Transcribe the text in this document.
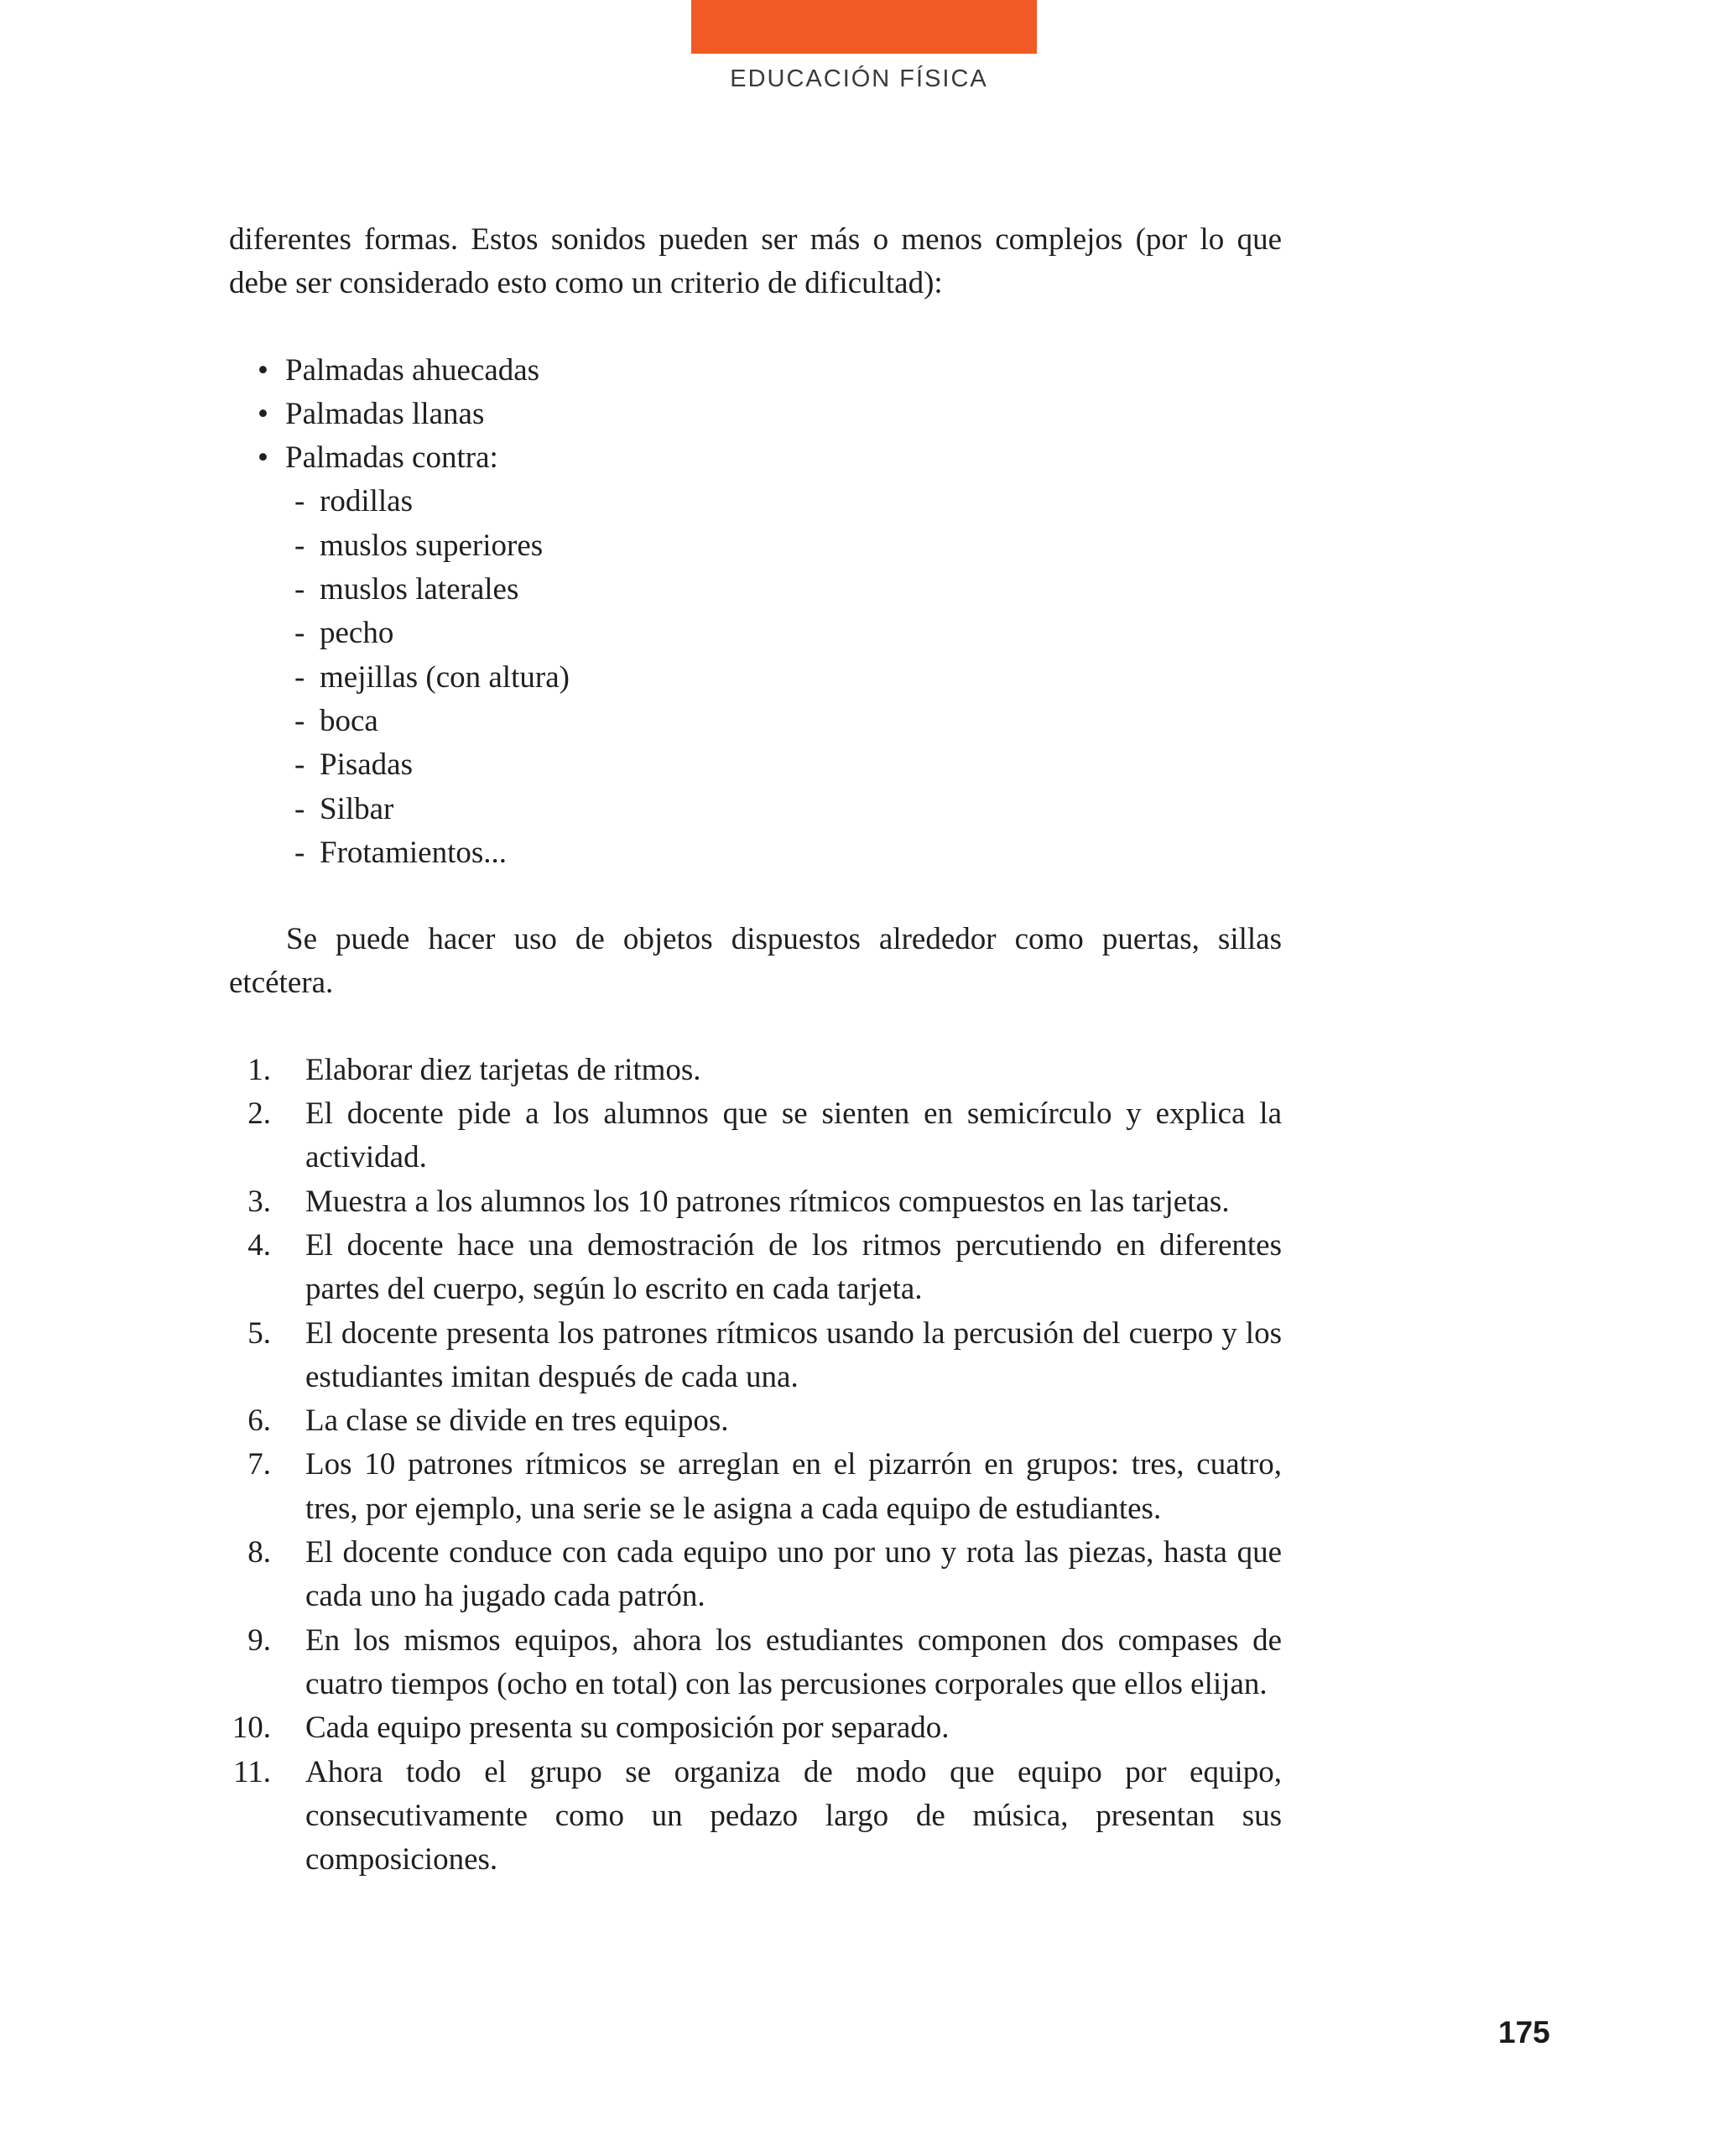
EDUCACIÓN FÍSICA

diferentes formas. Estos sonidos pueden ser más o menos complejos (por lo que debe ser considerado esto como un criterio de dificultad):

• Palmadas ahuecadas
• Palmadas llanas
• Palmadas contra:
- rodillas
- muslos superiores
- muslos laterales
- pecho
- mejillas (con altura)
- boca
- Pisadas
- Silbar
- Frotamientos...

Se puede hacer uso de objetos dispuestos alrededor como puertas, sillas etcétera.

1. Elaborar diez tarjetas de ritmos.
2. El docente pide a los alumnos que se sienten en semicírculo y explica la actividad.
3. Muestra a los alumnos los 10 patrones rítmicos compuestos en las tarjetas.
4. El docente hace una demostración de los ritmos percutiendo en diferentes partes del cuerpo, según lo escrito en cada tarjeta.
5. El docente presenta los patrones rítmicos usando la percusión del cuerpo y los estudiantes imitan después de cada una.
6. La clase se divide en tres equipos.
7. Los 10 patrones rítmicos se arreglan en el pizarrón en grupos: tres, cuatro, tres, por ejemplo, una serie se le asigna a cada equipo de estudiantes.
8. El docente conduce con cada equipo uno por uno y rota las piezas, hasta que cada uno ha jugado cada patrón.
9. En los mismos equipos, ahora los estudiantes componen dos compases de cuatro tiempos (ocho en total) con las percusiones corporales que ellos elijan.
10. Cada equipo presenta su composición por separado.
11. Ahora todo el grupo se organiza de modo que equipo por equipo, consecutivamente como un pedazo largo de música, presentan sus composiciones.
175
